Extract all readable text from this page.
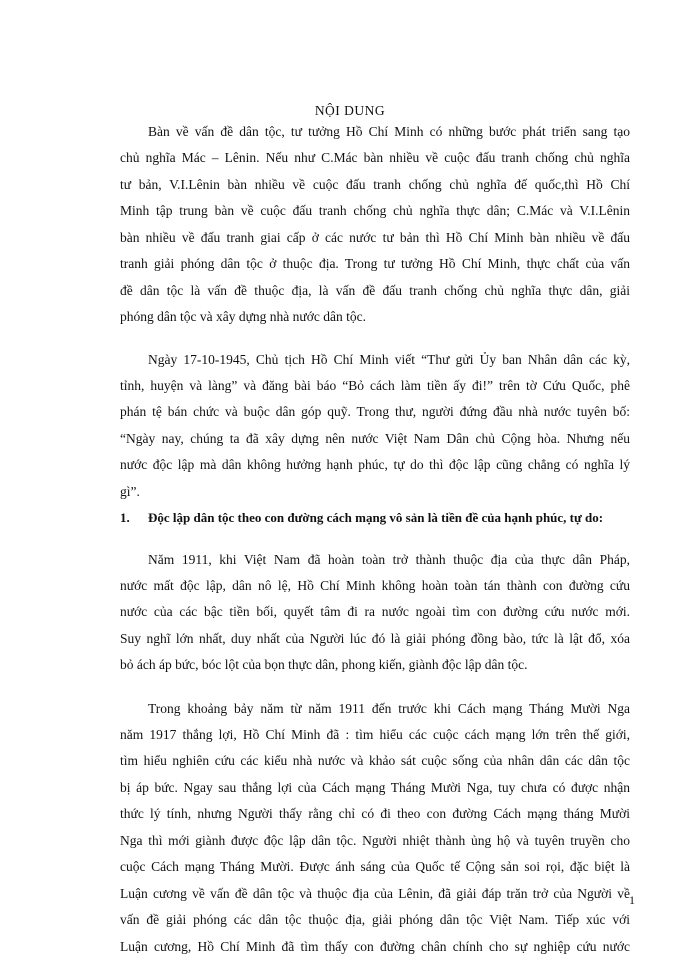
NỘI DUNG
Bàn về vấn đề dân tộc, tư tưởng Hồ Chí Minh có những bước phát triển sang tạo
chủ nghĩa Mác – Lênin. Nếu như C.Mác bàn nhiều về cuộc đấu tranh chống chủ nghĩa
tư bản, V.I.Lênin bàn nhiều về cuộc đấu tranh chống chủ nghĩa đế quốc,thì Hồ Chí
Minh tập trung bàn về cuộc đấu tranh chống chủ nghĩa thực dân; C.Mác và V.I.Lênin
bàn nhiều về đấu tranh giai cấp ở các nước tư bản thì Hồ Chí Minh bàn nhiều về đấu
tranh giải phóng dân tộc ở thuộc địa. Trong tư tưởng Hồ Chí Minh, thực chất của vấn
đề dân tộc là vấn đề thuộc địa, là vấn đề đấu tranh chống chủ nghĩa thực dân, giải
phóng dân tộc và xây dựng nhà nước dân tộc.
Ngày 17-10-1945, Chủ tịch Hồ Chí Minh viết “Thư gửi Ủy ban Nhân dân các kỳ,
tỉnh, huyện và làng” và đăng bài báo “Bỏ cách làm tiền ấy đi!” trên tờ Cứu Quốc, phê
phán tệ bán chức và buộc dân góp quỹ. Trong thư, người đứng đầu nhà nước tuyên bố:
“Ngày nay, chúng ta đã xây dựng nên nước Việt Nam Dân chủ Cộng hòa. Nhưng nếu
nước độc lập mà dân không hưởng hạnh phúc, tự do thì độc lập cũng chẳng có nghĩa lý
gì”.
Năm 1911, khi Việt Nam đã hoàn toàn trở thành thuộc địa của thực dân Pháp,
nước mất độc lập, dân nô lệ, Hồ Chí Minh không hoàn toàn tán thành con đường cứu
nước của các bậc tiền bối, quyết tâm đi ra nước ngoài tìm con đường cứu nước mới.
Suy nghĩ lớn nhất, duy nhất của Người lúc đó là giải phóng đồng bào, tức là lật đổ, xóa
bỏ ách áp bức, bóc lột của bọn thực dân, phong kiến, giành độc lập dân tộc.
Trong khoảng bảy năm từ năm 1911 đến trước khi Cách mạng Tháng Mười Nga
năm 1917 thắng lợi, Hồ Chí Minh đã : tìm hiểu các cuộc cách mạng lớn trên thế giới,
tìm hiểu nghiên cứu các kiểu nhà nước và khảo sát cuộc sống của nhân dân các dân tộc
bị áp bức. Ngay sau thắng lợi của Cách mạng Tháng Mười Nga, tuy chưa có được nhận
thức lý tính, nhưng Người thấy rằng chỉ có đi theo con đường Cách mạng tháng Mười
Nga thì mới giành được độc lập dân tộc. Người nhiệt thành ủng hộ và tuyên truyền cho
cuộc Cách mạng Tháng Mười. Được ánh sáng của Quốc tế Cộng sản soi rọi, đặc biệt là
Luận cương về vấn đề dân tộc và thuộc địa của Lênin, đã giải đáp trăn trở của Người về
vấn đề giải phóng các dân tộc thuộc địa, giải phóng dân tộc Việt Nam. Tiếp xúc với
Luận cương, Hồ Chí Minh đã tìm thấy con đường chân chính cho sự nghiệp cứu nước
1. Độc lập dân tộc theo con đường cách mạng vô sản là tiền đề của hạnh phúc, tự do:
1
